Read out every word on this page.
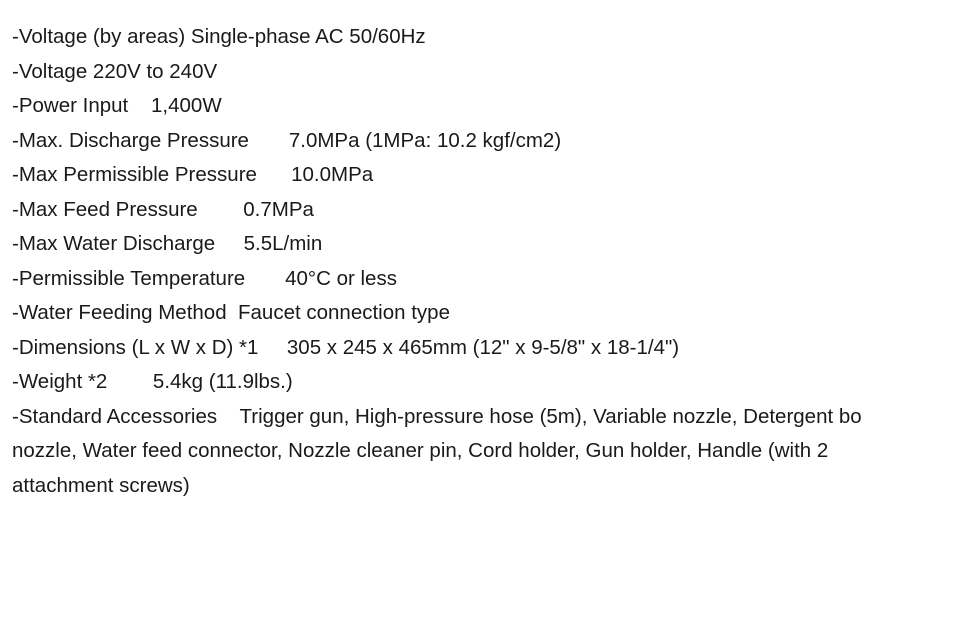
-Voltage (by areas) Single-phase AC 50/60Hz
-Voltage 220V to 240V
-Power Input 1,400W
-Max. Discharge Pressure 7.0MPa (1MPa: 10.2 kgf/cm2)
-Max Permissible Pressure 10.0MPa
-Max Feed Pressure 0.7MPa
-Max Water Discharge 5.5L/min
-Permissible Temperature 40°C or less
-Water Feeding Method Faucet connection type
-Dimensions (L x W x D) *1 305 x 245 x 465mm (12" x 9-5/8" x 18-1/4")
-Weight *2 5.4kg (11.9lbs.)
-Standard Accessories Trigger gun, High-pressure hose (5m), Variable nozzle, Detergent bo
nozzle, Water feed connector, Nozzle cleaner pin, Cord holder, Gun holder, Handle (with 2
attachment screws)
